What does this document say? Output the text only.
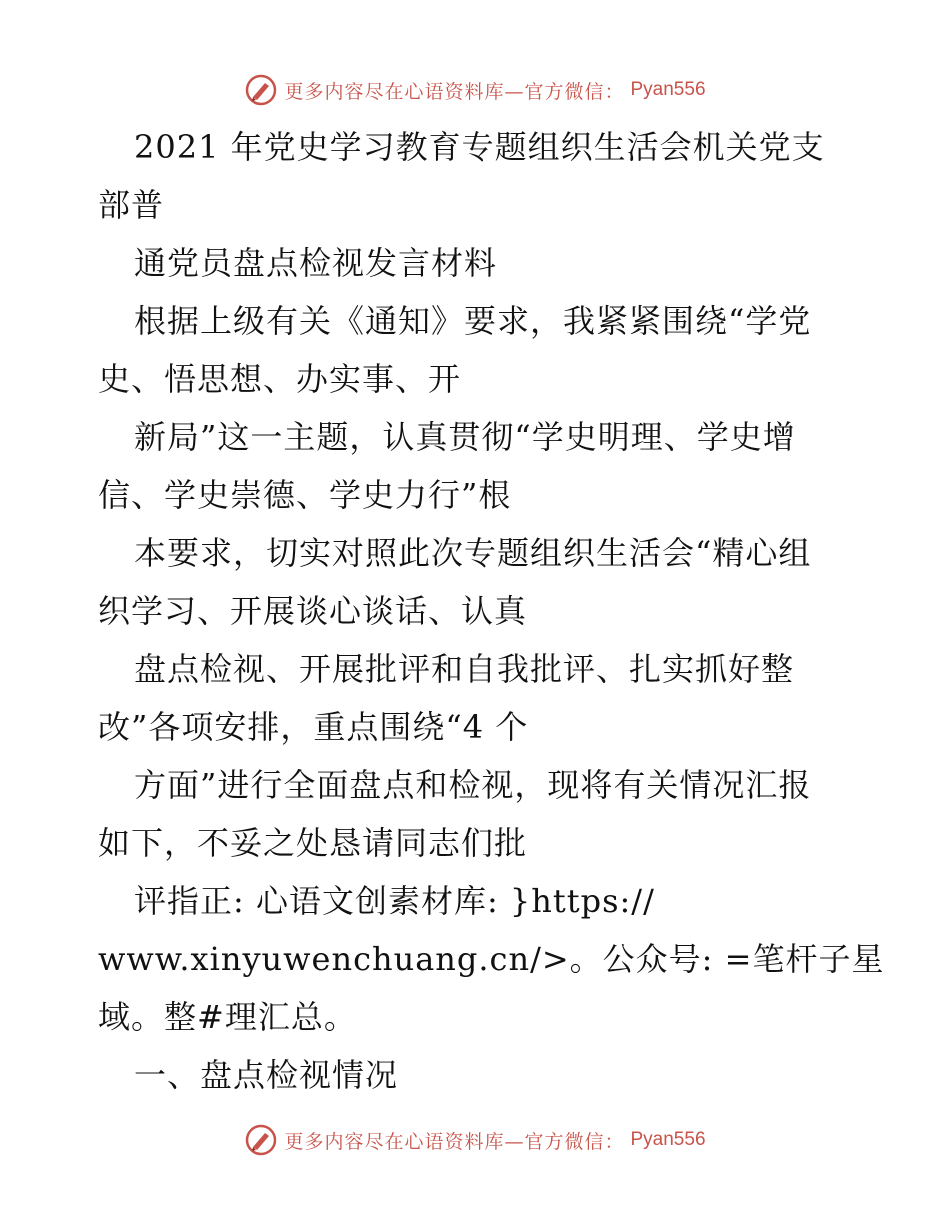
更多内容尽在心语资料库—官方微信： Pyan556
2021 年党史学习教育专题组织生活会机关党支
部普
通党员盘点检视发言材料
根据上级有关《通知》要求，我紧紧围绕“学党
史、悟思想、办实事、开
新局”这一主题，认真贯彻“学史明理、学史增
信、学史崇德、学史力行”根
本要求，切实对照此次专题组织生活会“精心组
织学习、开展谈心谈话、认真
盘点检视、开展批评和自我批评、扎实抓好整
改”各项安排，重点围绕“4 个
方面”进行全面盘点和检视，现将有关情况汇报
如下，不妥之处恳请同志们批
评指正: 心语文创素材库: }https://
www.xinyuwenchuang.cn/>。公众号: =笔杆子星
域。整#理汇总。
一、盘点检视情况
更多内容尽在心语资料库—官方微信： Pyan556
